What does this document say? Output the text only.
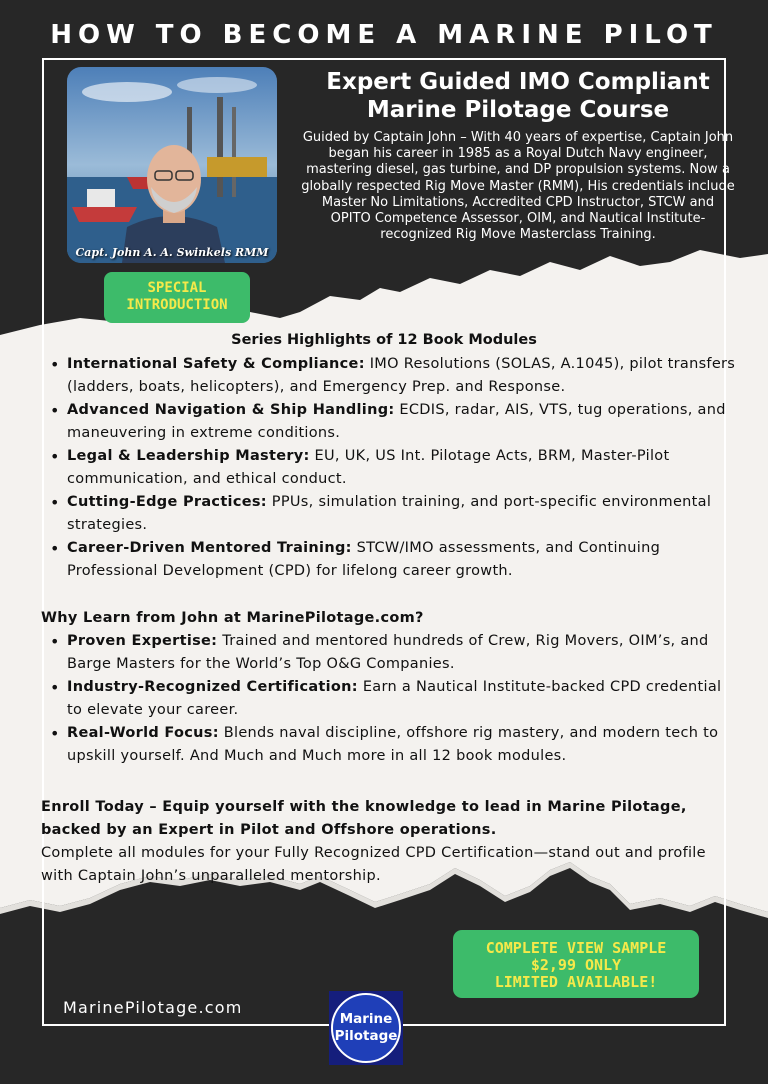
HOW TO BECOME A MARINE PILOT
Capt. John A. A. Swinkels RMM
Expert Guided IMO Compliant
Marine Pilotage Course

Guided by Captain John – With 40 years of expertise, Captain John began his career in 1985 as a Royal Dutch Navy engineer, mastering diesel, gas turbine, and DP propulsion systems. Now a globally respected Rig Move Master (RMM), His credentials include Master No Limitations, Accredited CPD Instructor, STCW and OPITO Competence Assessor, OIM, and Nautical Institute-recognized Rig Move Masterclass Training.

SPECIAL
INTRODUCTION
Series Highlights of 12 Book Modules
• International Safety & Compliance: IMO Resolutions (SOLAS, A.1045), pilot transfers (ladders, boats, helicopters), and Emergency Prep. and Response.
• Advanced Navigation & Ship Handling: ECDIS, radar, AIS, VTS, tug operations, and maneuvering in extreme conditions.
• Legal & Leadership Mastery: EU, UK, US Int. Pilotage Acts, BRM, Master-Pilot communication, and ethical conduct.
• Cutting-Edge Practices: PPUs, simulation training, and port-specific environmental strategies.
• Career-Driven Mentored Training: STCW/IMO assessments, and Continuing Professional Development (CPD) for lifelong career growth.
Why Learn from John at MarinePilotage.com?
• Proven Expertise: Trained and mentored hundreds of Crew, Rig Movers, OIM’s, and Barge Masters for the World’s Top O&G Companies.
• Industry-Recognized Certification: Earn a Nautical Institute-backed CPD credential to elevate your career.
• Real-World Focus: Blends naval discipline, offshore rig mastery, and modern tech to upskill yourself. And Much and Much more in all 12 book modules.
Enroll Today – Equip yourself with the knowledge to lead in Marine Pilotage, backed by an Expert in Pilot and Offshore operations.
Complete all modules for your Fully Recognized CPD Certification—stand out and profile with Captain John’s unparalleled mentorship.
COMPLETE VIEW SAMPLE
$2,99 ONLY
LIMITED AVAILABLE!
MarinePilotage.com
Marine
Pilotage
